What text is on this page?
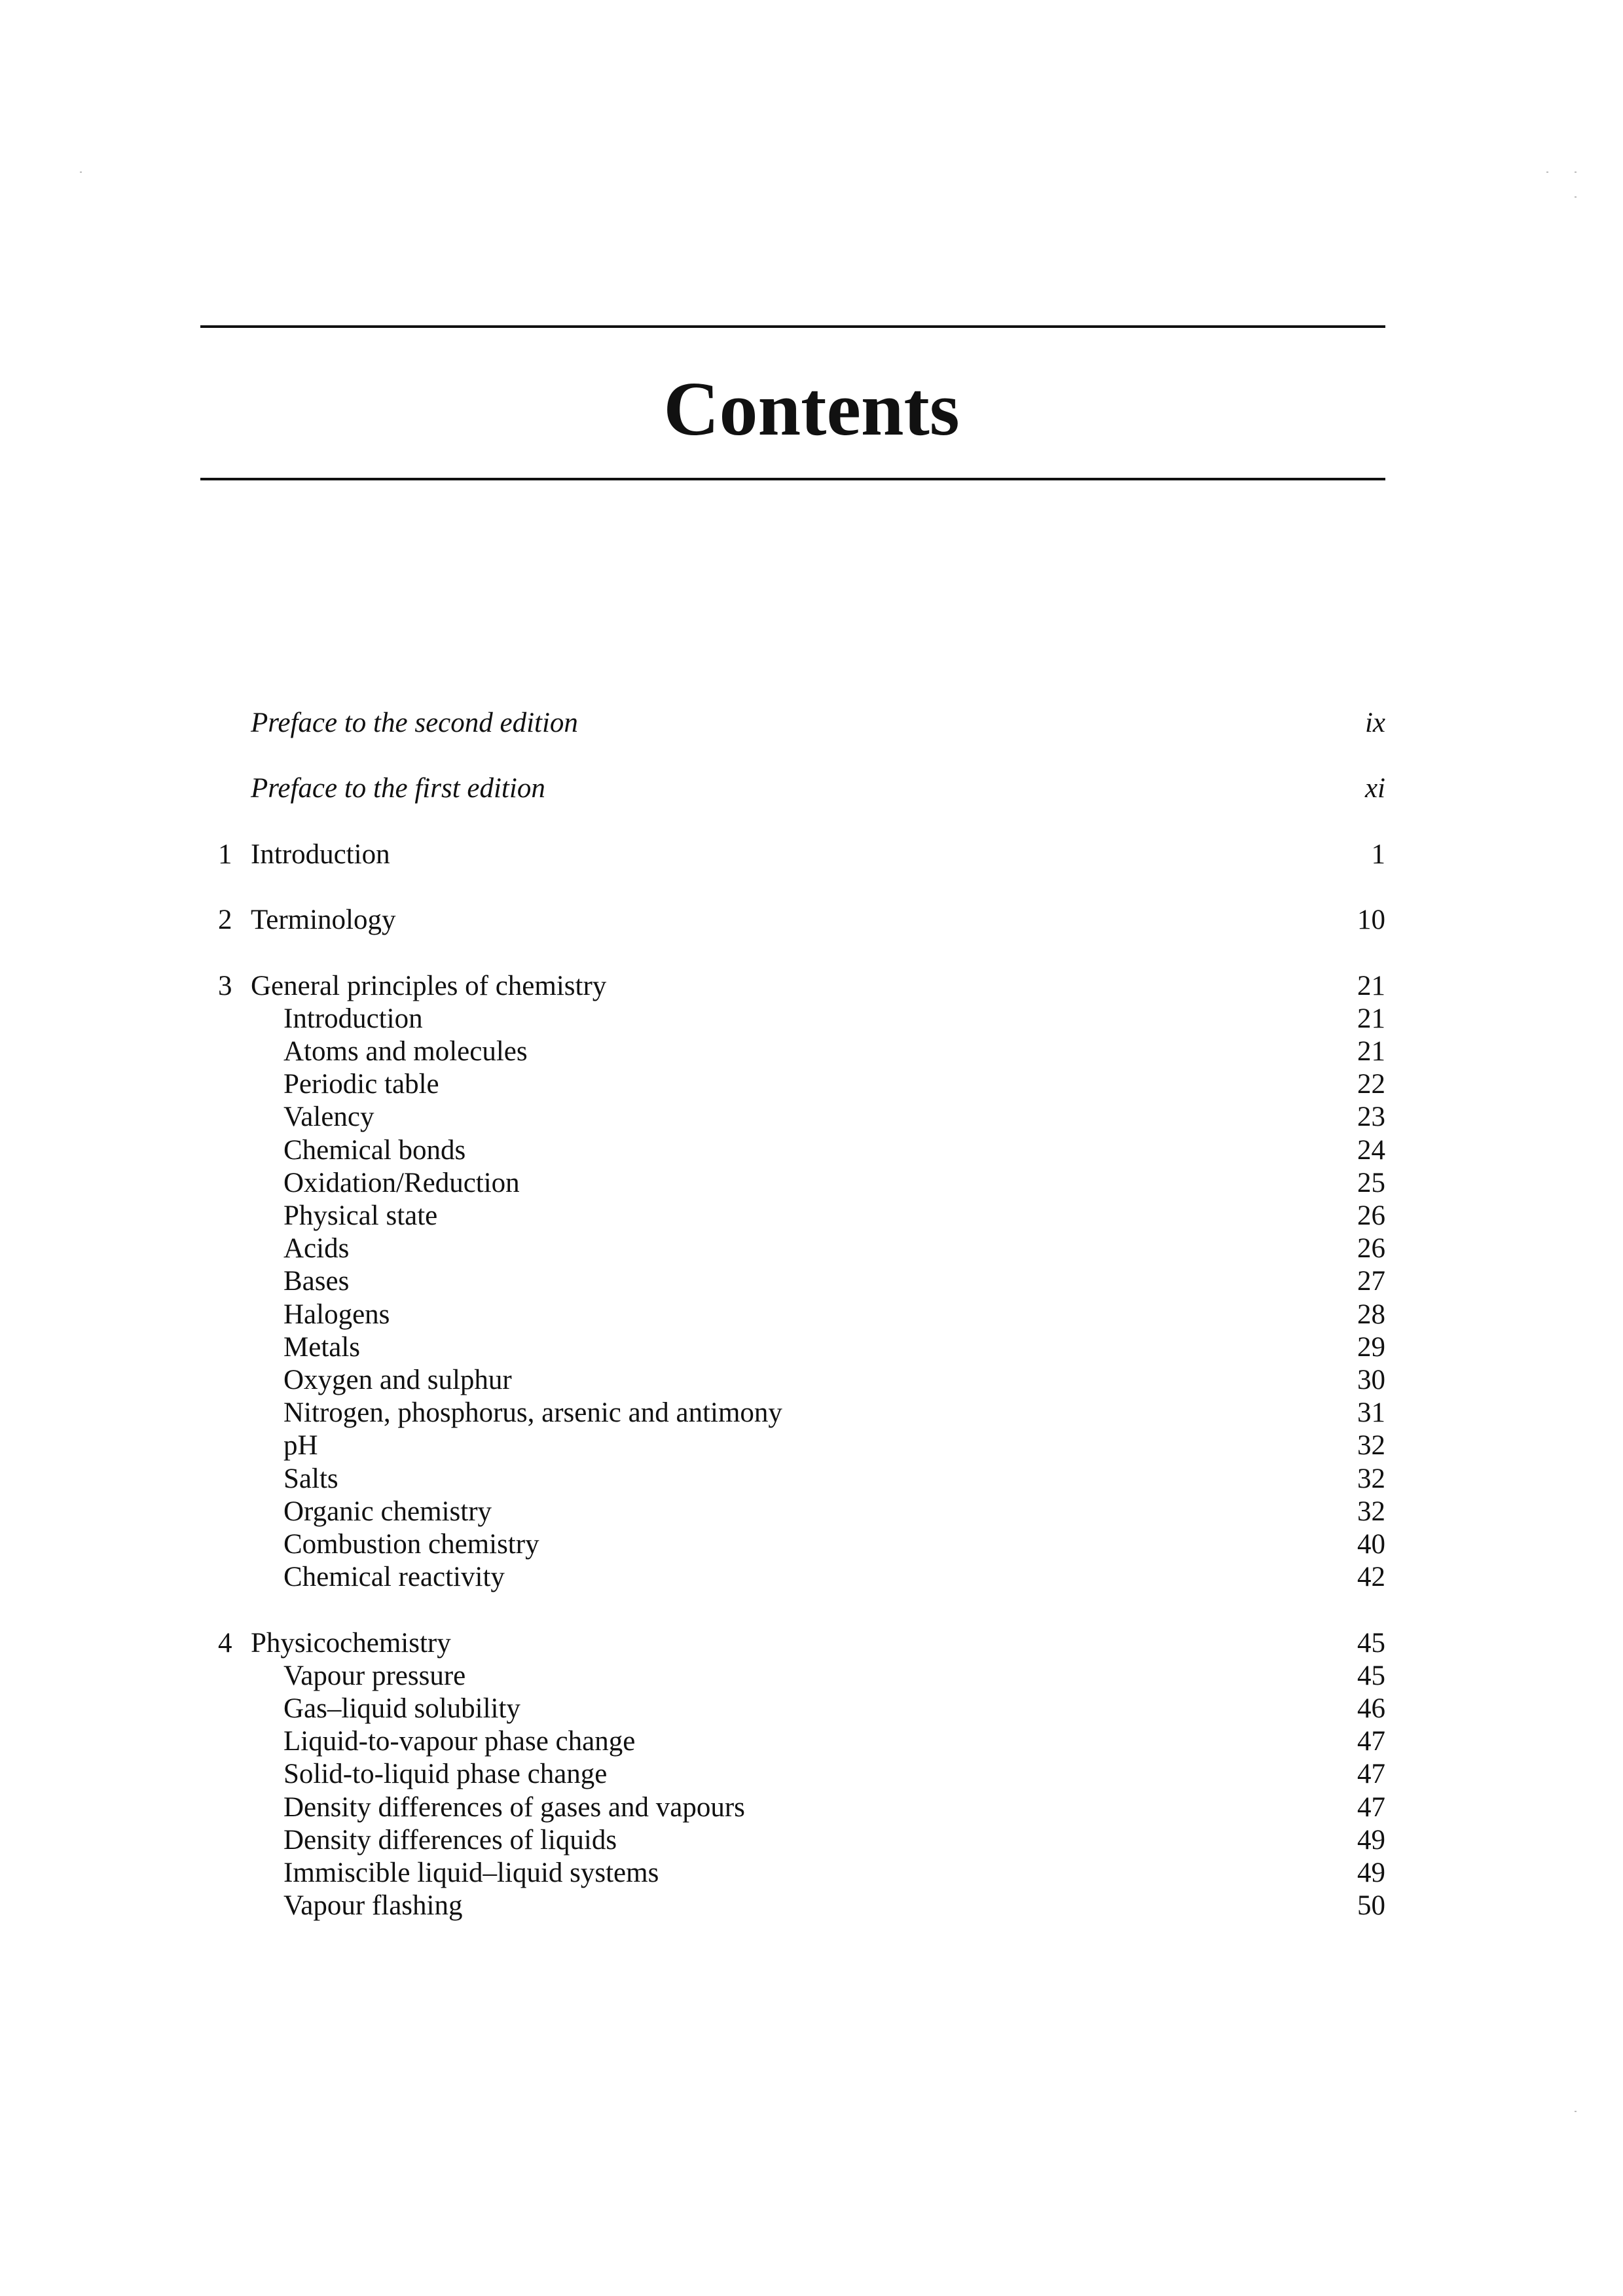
Contents
Preface to the second edition	ix
Preface to the first edition	xi
1 Introduction	1
2 Terminology	10
3 General principles of chemistry	21
Introduction	21
Atoms and molecules	21
Periodic table	22
Valency	23
Chemical bonds	24
Oxidation/Reduction	25
Physical state	26
Acids	26
Bases	27
Halogens	28
Metals	29
Oxygen and sulphur	30
Nitrogen, phosphorus, arsenic and antimony	31
pH	32
Salts	32
Organic chemistry	32
Combustion chemistry	40
Chemical reactivity	42
4 Physicochemistry	45
Vapour pressure	45
Gas–liquid solubility	46
Liquid-to-vapour phase change	47
Solid-to-liquid phase change	47
Density differences of gases and vapours	47
Density differences of liquids	49
Immiscible liquid–liquid systems	49
Vapour flashing	50
